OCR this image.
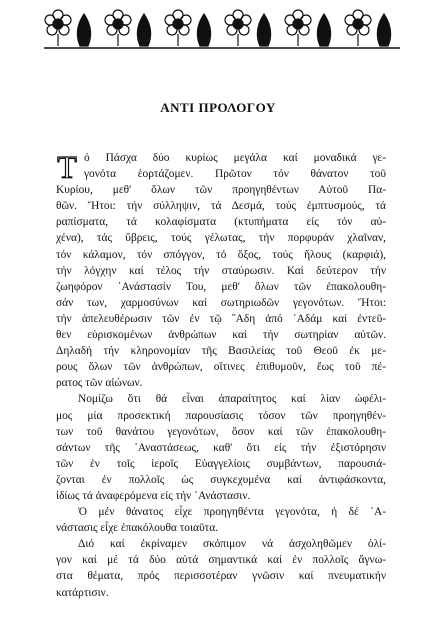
ΑΝΤΙ ΠΡΟΛΟΓΟΥ
Τ ό Πάσχα δύο κυρίως μεγάλα καί μοναδικά γε-
γονότα ἑορτάζομεν. Πρῶτον τόν θάνατον τοῦ
Κυρίου, μεθ' ὅλων τῶν προηγηθέντων Αὐτοῦ Πα-
θῶν. Ἤτοι: τήν σύλληψιν, τά Δεσμά, τούς ἐμπτυσμούς, τά
ραπίσματα, τά κολαφίσματα (κτυπήματα εἰς τόν αὐ-
χένα), τάς ὕβρεις, τούς γέλωτας, τήν πορφυράν χλαῖναν,
τόν κάλαμον, τόν σπόγγον, τό ὄξος, τούς ἥλους (καρφιά),
τήν λόγχην καί τέλος τήν σταύρωσιν. Καί δεύτερον τήν
ζωηφόρον ᾿Ανάστασίν Του, μεθ' ὅλων τῶν ἐπακολουθη-
σάν των, χαρμοσύνων καί σωτηριωδῶν γεγονότων. Ἤτοι:
τήν ἀπελευθέρωσιν τῶν ἐν τῷ ῞Αδη ἀπό ᾿Αδάμ καί ἐντεῦ-
θεν εὑρισκομένων ἀνθρώπων καί τήν σωτηρίαν αὐτῶν.
Δηλαδή τήν κληρονομίαν τῆς Βασιλείας τοῦ Θεοῦ ἐκ με-
ρους ὅλων τῶν ἀνθρώπων, οἵτινες ἐπιθυμοῦν, ἕως τοῦ πέ-
ρατος τῶν αἰώνων.
Νομίζω ὅτι θά εἶναι ἀπαραίτητος καί λίαν ὠφέλι-
μος μία προσεκτική παρουσίασις τόσον τῶν προηγηθέν-
των τοῦ θανάτου γεγονότων, ὅσον καί τῶν ἐπακολουθη-
σάντων τῆς ᾿Αναστάσεως, καθ' ὅτι εἰς τήν ἐξιστόρησιν
τῶν ἐν τοῖς ἱεροῖς Εὐαγγελίοις συμβάντων, παρουσιά-
ζονται ἐν πολλοῖς ὡς συγκεχυμένα καί ἀντιφάσκοντα,
ἰδίως τά ἀναφερόμενα εἰς τήν ᾿Ανάστασιν.
Ὁ μέν θάνατος εἶχε προηγηθέντα γεγονότα, ἡ δέ ᾿Α-
νάστασις εἶχε ἐπακόλουθα τοιαῦτα.
Διό καί ἐκρίναμεν σκόπιμον νά ἀσχοληθῶμεν ὀλί-
γον καί μέ τά δύο αὐτά σημαντικά καί ἐν πολλοῖς ἄγνω-
στα θέματα, πρός περισσοτέραν γνῶσιν καί πνευματικήν
κατάρτισιν.
